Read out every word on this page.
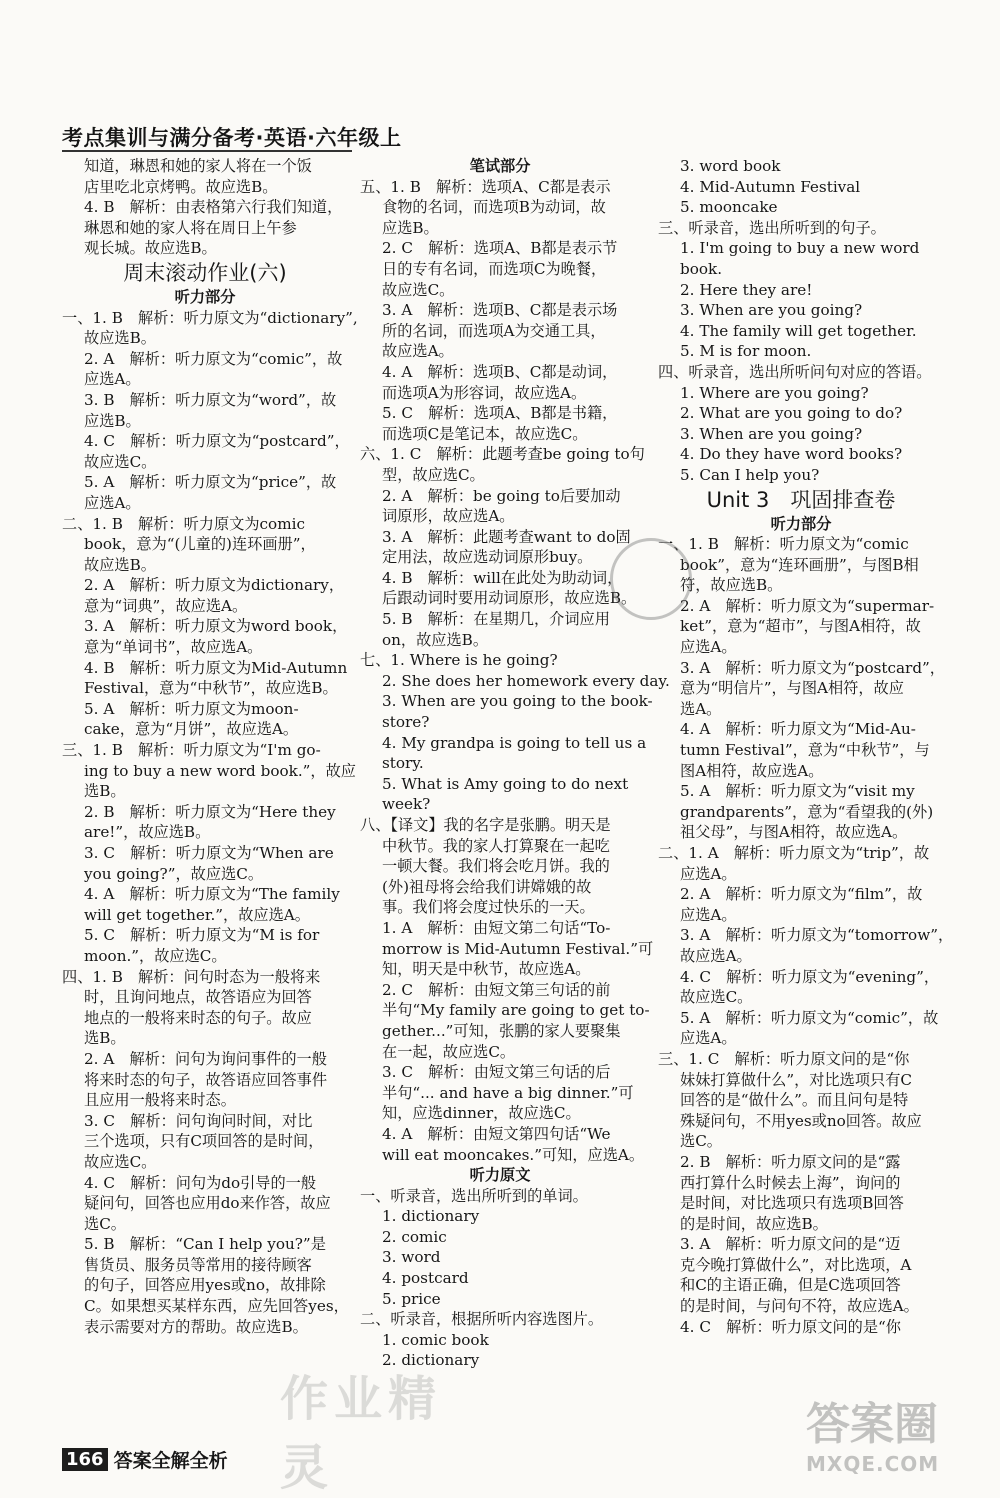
考点集训与满分备考·英语·六年级上

知道，琳恩和她的家人将在一个饭

店里吃北京烤鸭。故应选B。

4. B　解析：由表格第六行我们知道，

琳恩和她的家人将在周日上午参

观长城。故应选B。

周末滚动作业(六)

听力部分

一、1. B　解析：听力原文为“dictionary”,

故应选B。

2. A　解析：听力原文为“comic”，故

应选A。

3. B　解析：听力原文为“word”，故

应选B。

4. C　解析：听力原文为“postcard”，

故应选C。

5. A　解析：听力原文为“price”，故

应选A。

二、1. B　解析：听力原文为comic

book，意为“(儿童的)连环画册”，

故应选B。

2. A　解析：听力原文为dictionary，

意为“词典”，故应选A。

3. A　解析：听力原文为word book，

意为“单词书”，故应选A。

4. B　解析：听力原文为Mid-Autumn

Festival，意为“中秋节”，故应选B。

5. A　解析：听力原文为moon-

cake，意为“月饼”，故应选A。

三、1. B　解析：听力原文为“I'm go-

ing to buy a new word book.”，故应

选B。

2. B　解析：听力原文为“Here they

are!”，故应选B。

3. C　解析：听力原文为“When are

you going?”，故应选C。

4. A　解析：听力原文为“The family

will get together.”，故应选A。

5. C　解析：听力原文为“M is for

moon.”，故应选C。

四、1. B　解析：问句时态为一般将来

时，且询问地点，故答语应为回答

地点的一般将来时态的句子。故应

选B。

2. A　解析：问句为询问事件的一般

将来时态的句子，故答语应回答事件

且应用一般将来时态。

3. C　解析：问句询问时间，对比

三个选项，只有C项回答的是时间，

故应选C。

4. C　解析：问句为do引导的一般

疑问句，回答也应用do来作答，故应

选C。

5. B　解析：“Can I help you?”是

售货员、服务员等常用的接待顾客

的句子，回答应用yes或no，故排除

C。如果想买某样东西，应先回答yes，

表示需要对方的帮助。故应选B。

笔试部分

五、1. B　解析：选项A、C都是表示

食物的名词，而选项B为动词，故

应选B。

2. C　解析：选项A、B都是表示节

日的专有名词，而选项C为晚餐，

故应选C。

3. A　解析：选项B、C都是表示场

所的名词，而选项A为交通工具，

故应选A。

4. A　解析：选项B、C都是动词，

而选项A为形容词，故应选A。

5. C　解析：选项A、B都是书籍，

而选项C是笔记本，故应选C。

六、1. C　解析：此题考查be going to句

型，故应选C。

2. A　解析：be going to后要加动

词原形，故应选A。

3. A　解析：此题考查want to do固

定用法，故应选动词原形buy。

4. B　解析：will在此处为助动词，

后跟动词时要用动词原形，故应选B。

5. B　解析：在星期几，介词应用

on，故应选B。

七、1. Where is he going?

2. She does her homework every day.

3. When are you going to the book-

store?

4. My grandpa is going to tell us a

story.

5. What is Amy going to do next

week?

八、【译文】我的名字是张鹏。明天是

中秋节。我的家人打算聚在一起吃

一顿大餐。我们将会吃月饼。我的

(外)祖母将会给我们讲嫦娥的故

事。我们将会度过快乐的一天。

1. A　解析：由短文第二句话“To-

morrow is Mid-Autumn Festival.”可

知，明天是中秋节，故应选A。

2. C　解析：由短文第三句话的前

半句“My family are going to get to-

gether...”可知，张鹏的家人要聚集

在一起，故应选C。

3. C　解析：由短文第三句话的后

半句“... and have a big dinner.”可

知，应选dinner，故应选C。

4. A　解析：由短文第四句话“We

will eat mooncakes.”可知，应选A。

听力原文

一、听录音，选出所听到的单词。

1. dictionary

2. comic

3. word

4. postcard

5. price

二、听录音，根据所听内容选图片。

1. comic book

2. dictionary

3. word book

4. Mid-Autumn Festival

5. mooncake

三、听录音，选出所听到的句子。

1. I'm going to buy a new word

book.

2. Here they are!

3. When are you going?

4. The family will get together.

5. M is for moon.

四、听录音，选出所听问句对应的答语。

1. Where are you going?

2. What are you going to do?

3. When are you going?

4. Do they have word books?

5. Can I help you?

Unit 3　巩固排查卷

听力部分

一、1. B　解析：听力原文为“comic

book”，意为“连环画册”，与图B相

符，故应选B。

2. A　解析：听力原文为“supermar-

ket”，意为“超市”，与图A相符，故

应选A。

3. A　解析：听力原文为“postcard”，

意为“明信片”，与图A相符，故应

选A。

4. A　解析：听力原文为“Mid-Au-

tumn Festival”，意为“中秋节”，与

图A相符，故应选A。

5. A　解析：听力原文为“visit my

grandparents”，意为“看望我的(外)

祖父母”，与图A相符，故应选A。

二、1. A　解析：听力原文为“trip”，故

应选A。

2. A　解析：听力原文为“film”，故

应选A。

3. A　解析：听力原文为“tomorrow”，

故应选A。

4. C　解析：听力原文为“evening”，

故应选C。

5. A　解析：听力原文为“comic”，故

应选A。

三、1. C　解析：听力原文问的是“你

妹妹打算做什么”，对比选项只有C

回答的是“做什么”。而且问句是特

殊疑问句，不用yes或no回答。故应

选C。

2. B　解析：听力原文问的是“露

西打算什么时候去上海”，询问的

是时间，对比选项只有选项B回答

的是时间，故应选B。

3. A　解析：听力原文问的是“迈

克今晚打算做什么”，对比选项，A

和C的主语正确，但是C选项回答

的是时间，与问句不符，故应选A。

4. C　解析：听力原文问的是“你

作业精灵
答案圈
MXQE.COM
166 答案全解全析
